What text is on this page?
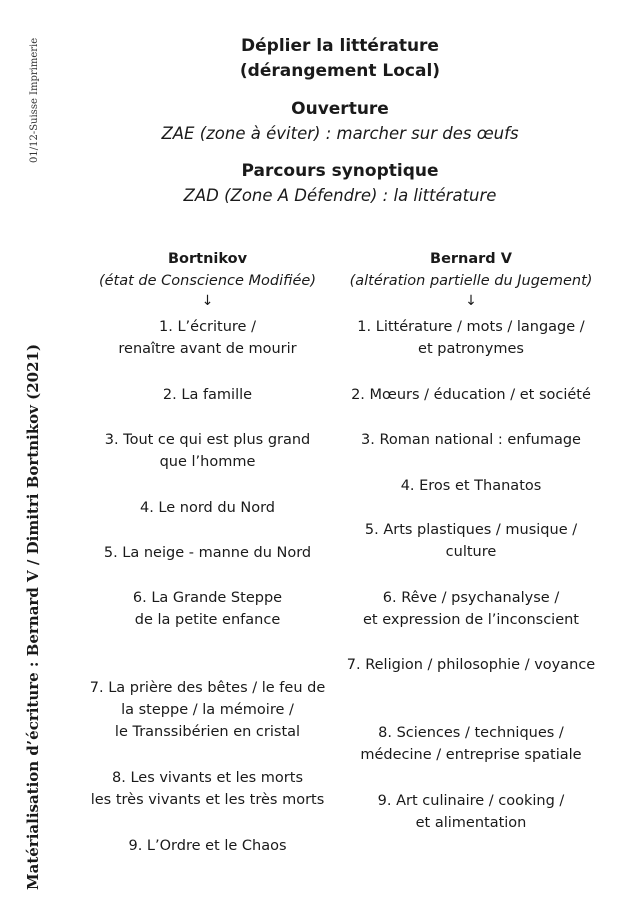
01/12-Suisse Imprimerie
Matérialisation d’écriture : Bernard V / Dimitri Bortnikov (2021)
Déplier la littérature
(dérangement Local)
Ouverture
ZAE (zone à éviter) : marcher sur des œufs
Parcours synoptique
ZAD (Zone A Défendre) : la littérature
Bortnikov
(état de Conscience Modifiée)
↓
1. L’écriture /
renaître avant de mourir
2. La famille
3. Tout ce qui est plus grand
que l’homme
4. Le nord du Nord
5. La neige - manne du Nord
6. La Grande Steppe
de la petite enfance
7. La prière des bêtes / le feu de
la steppe / la mémoire /
le Transsibérien en cristal
8. Les vivants et les morts
les très vivants et les très morts
9. L’Ordre et le Chaos
Bernard V
(altération partielle du Jugement)
↓
1. Littérature / mots / langage /
et patronymes
2. Mœurs / éducation / et société
3. Roman national : enfumage
4. Eros et Thanatos
5. Arts plastiques / musique /
culture
6. Rêve / psychanalyse /
et expression de l’inconscient
7. Religion / philosophie / voyance
8. Sciences / techniques /
médecine / entreprise spatiale
9. Art culinaire / cooking /
et alimentation
